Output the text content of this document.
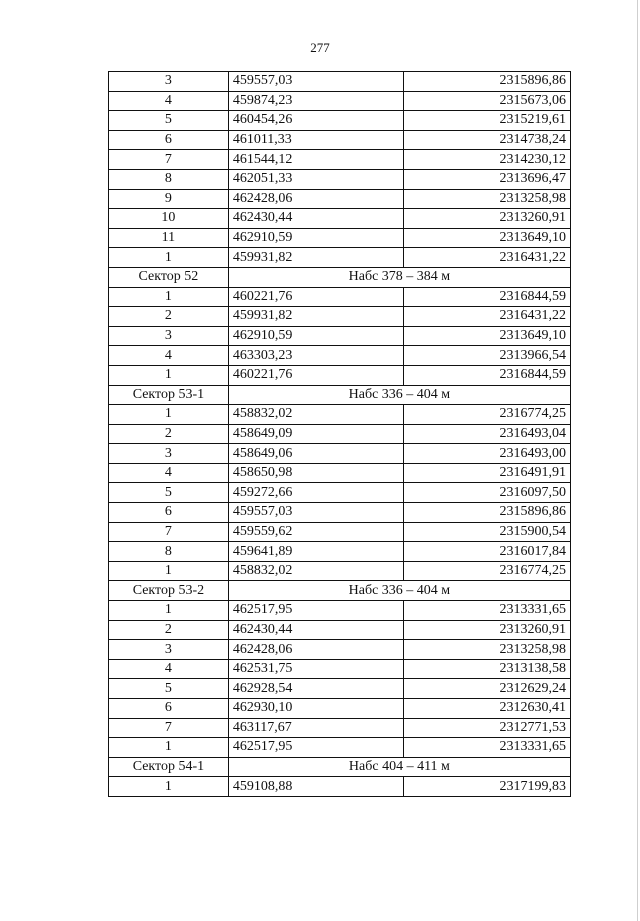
277
3	459557,03	2315896,86
4	459874,23	2315673,06
5	460454,26	2315219,61
6	461011,33	2314738,24
7	461544,12	2314230,12
8	462051,33	2313696,47
9	462428,06	2313258,98
10	462430,44	2313260,91
11	462910,59	2313649,10
1	459931,82	2316431,22
Сектор 52	Набс 378 – 384 м	
1	460221,76	2316844,59
2	459931,82	2316431,22
3	462910,59	2313649,10
4	463303,23	2313966,54
1	460221,76	2316844,59
Сектор 53-1	Набс 336 – 404 м	
1	458832,02	2316774,25
2	458649,09	2316493,04
3	458649,06	2316493,00
4	458650,98	2316491,91
5	459272,66	2316097,50
6	459557,03	2315896,86
7	459559,62	2315900,54
8	459641,89	2316017,84
1	458832,02	2316774,25
Сектор 53-2	Набс 336 – 404 м	
1	462517,95	2313331,65
2	462430,44	2313260,91
3	462428,06	2313258,98
4	462531,75	2313138,58
5	462928,54	2312629,24
6	462930,10	2312630,41
7	463117,67	2312771,53
1	462517,95	2313331,65
Сектор 54-1	Набс 404 – 411 м	
1	459108,88	2317199,83
